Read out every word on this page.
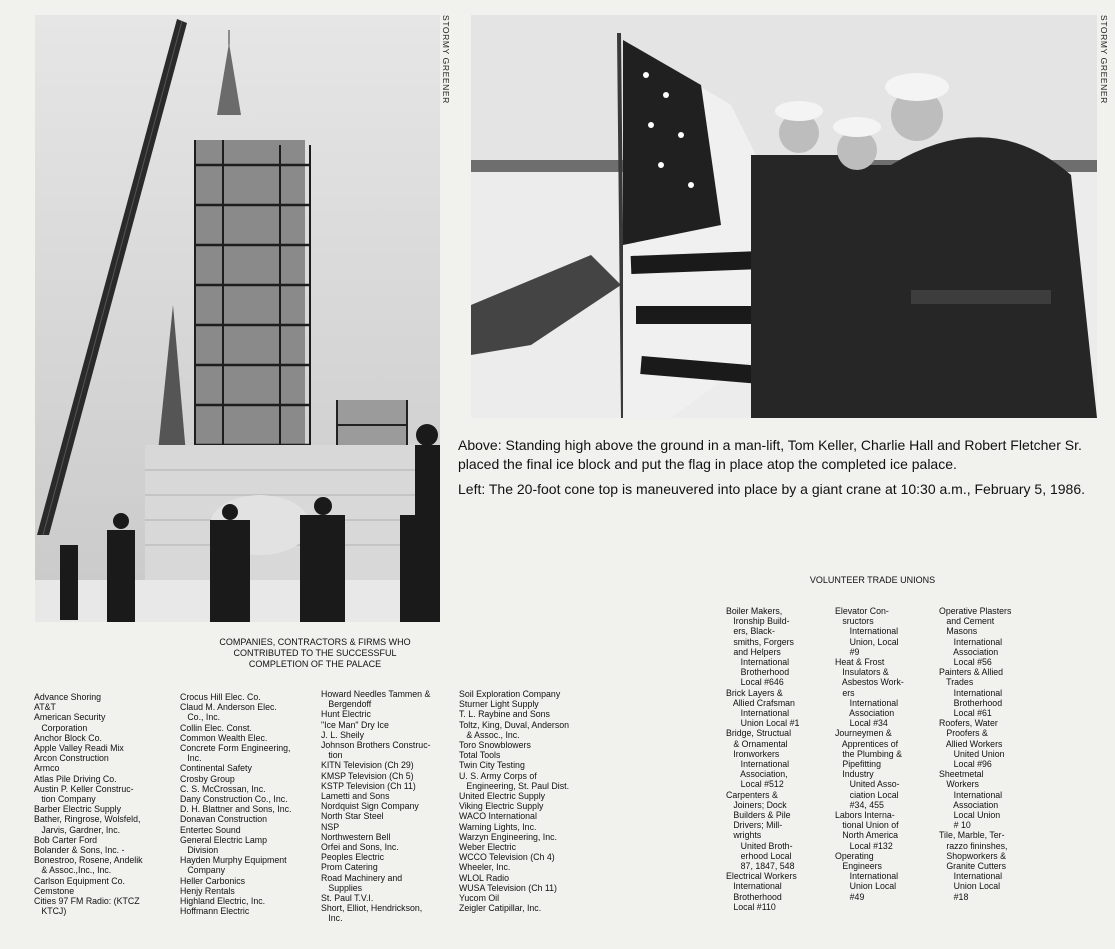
STORMY GREENER	STORMY GREENER

Above: Standing high above the ground in a man-lift, Tom Keller, Charlie Hall and Robert Fletcher Sr. placed the final ice block and put the flag in place atop the completed ice palace.

Left: The 20-foot cone top is maneuvered into place by a giant crane at 10:30 a.m., February 5, 1986.

COMPANIES, CONTRACTORS & FIRMS WHO
CONTRIBUTED TO THE SUCCESSFUL
COMPLETION OF THE PALACE
Advance Shoring
AT&T
American Security
Corporation
Anchor Block Co.
Apple Valley Readi Mix
Arcon Construction
Armco
Atlas Pile Driving Co.
Austin P. Keller Construc-
tion Company
Barber Electric Supply
Bather, Ringrose, Wolsfeld,
Jarvis, Gardner, Inc.
Bob Carter Ford
Bolander & Sons, Inc. -
Bonestroo, Rosene, Andelik
& Assoc.,Inc., Inc.
Carlson Equipment Co.
Cemstone
Cities 97 FM Radio: (KTCZ
KTCJ)
Crocus Hill Elec. Co.
Claud M. Anderson Elec.
Co., Inc.
Collin Elec. Const.
Common Wealth Elec.
Concrete Form Engineering,
Inc.
Continental Safety
Crosby Group
C. S. McCrossan, Inc.
Dany Construction Co., Inc.
D. H. Blattner and Sons, Inc.
Donavan Construction
Entertec Sound
General Electric Lamp
Division
Hayden Murphy Equipment
Company
Heller Carbonics
Henjy Rentals
Highland Electric, Inc.
Hoffmann Electric
Howard Needles Tammen &
Bergendoff
Hunt Electric
"Ice Man" Dry Ice
J. L. Sheily
Johnson Brothers Construc-
tion
KITN Television (Ch 29)
KMSP Television (Ch 5)
KSTP Television (Ch 11)
Lametti and Sons
Nordquist Sign Company
North Star Steel
NSP
Northwestern Bell
Orfei and Sons, Inc.
Peoples Electric
Prom Catering
Road Machinery and
Supplies
St. Paul T.V.I.
Short, Elliot, Hendrickson,
Inc.
Soil Exploration Company
Sturner Light Supply
T. L. Raybine and Sons
Toltz, King, Duval, Anderson
& Assoc., Inc.
Toro Snowblowers
Total Tools
Twin City Testing
U. S. Army Corps of
Engineering, St. Paul Dist.
United Electric Supply
Viking Electric Supply
WACO International
Warning Lights, Inc.
Warzyn Engineering, Inc.
Weber Electric
WCCO Television (Ch 4)
Wheeler, Inc.
WLOL Radio
WUSA Television (Ch 11)
Yucom Oil
Zeigler Catipillar, Inc.
VOLUNTEER TRADE UNIONS
Boiler Makers,
Ironship Build-
ers, Black-
smiths, Forgers
and Helpers
International
Brotherhood
Local #646
Brick Layers &
Allied Crafsman
International
Union Local #1
Bridge, Structual
& Ornamental
Ironworkers
International
Association,
Local #512
Carpenters &
Joiners; Dock
Builders & Pile
Drivers; Mill-
wrights
United Broth-
erhood Local
87, 1847, 548
Electrical Workers
International
Brotherhood
Local #110
Elevator Con-
sructors
International
Union, Local
#9
Heat & Frost
Insulators &
Asbestos Work-
ers
International
Association
Local #34
Journeymen &
Apprentices of
the Plumbing &
Pipefitting
Industry
United Asso-
ciation Local
#34, 455
Labors Interna-
tional Union of
North America
Local #132
Operating
Engineers
International
Union Local
#49
Operative Plasters
and Cement
Masons
International
Association
Local #56
Painters & Allied
Trades
International
Brotherhood
Local #61
Roofers, Water
Proofers &
Allied Workers
United Union
Local #96
Sheetmetal
Workers
International
Association
Local Union
# 10
Tile, Marble, Ter-
razzo fininshes,
Shopworkers &
Granite Cutters
International
Union Local
#18
